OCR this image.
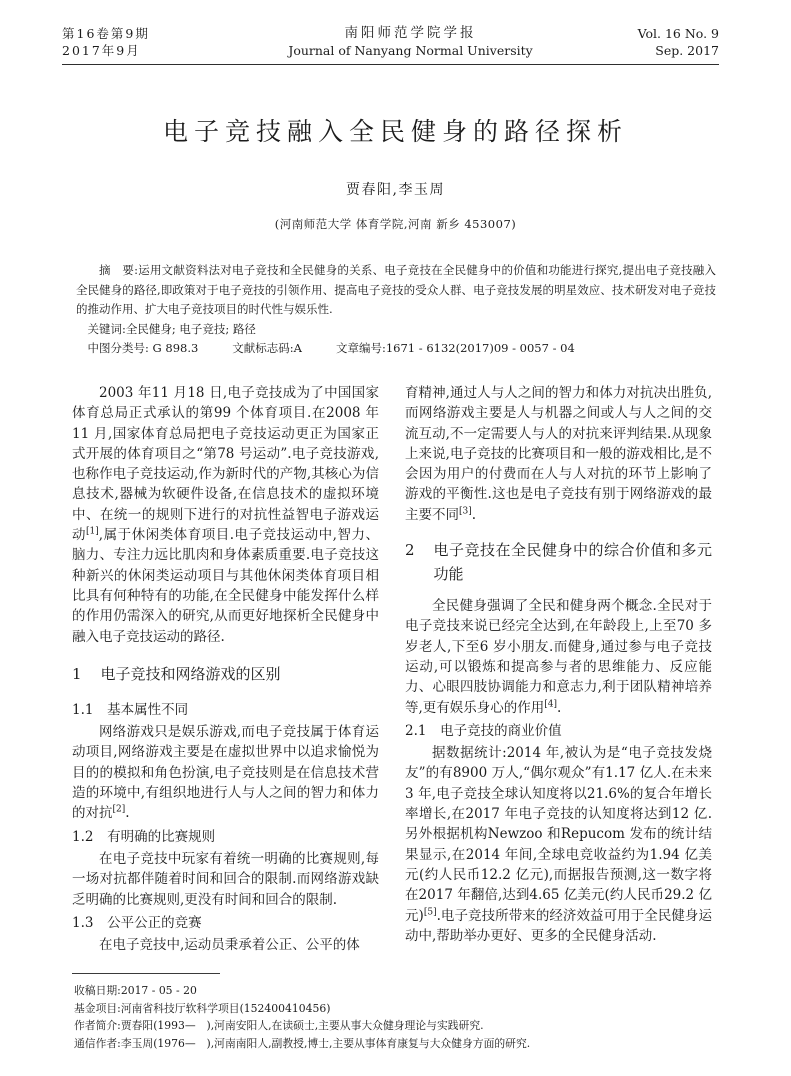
第16卷第9期
2017年9月
南阳师范学院学报
Journal of Nanyang Normal University
Vol. 16 No. 9
Sep. 2017
电子竞技融入全民健身的路径探析
贾春阳,李玉周
(河南师范大学 体育学院,河南 新乡 453007)

摘　要:运用文献资料法对电子竞技和全民健身的关系、电子竞技在全民健身中的价值和功能进行探究,提出电子竞技融入全民健身的路径,即政策对于电子竞技的引领作用、提高电子竞技的受众人群、电子竞技发展的明星效应、技术研发对电子竞技的推动作用、扩大电子竞技项目的时代性与娱乐性.

关键词:全民健身; 电子竞技; 路径

中图分类号: G 898.3	文献标志码:A	文章编号:1671 - 6132(2017)09 - 0057 - 04

2003 年11 月18 日,电子竞技成为了中国国家体育总局正式承认的第99 个体育项目.在2008 年11 月,国家体育总局把电子竞技运动更正为国家正式开展的体育项目之“第78 号运动”.电子竞技游戏,也称作电子竞技运动,作为新时代的产物,其核心为信息技术,器械为软硬件设备,在信息技术的虚拟环境中、在统一的规则下进行的对抗性益智电子游戏运动[1],属于休闲类体育项目.电子竞技运动中,智力、脑力、专注力远比肌肉和身体素质重要.电子竞技这种新兴的休闲类运动项目与其他休闲类体育项目相比具有何种特有的功能,在全民健身中能发挥什么样的作用仍需深入的研究,从而更好地探析全民健身中融入电子竞技运动的路径.

1	电子竞技和网络游戏的区别
1.1	基本属性不同

网络游戏只是娱乐游戏,而电子竞技属于体育运动项目,网络游戏主要是在虚拟世界中以追求愉悦为目的的模拟和角色扮演,电子竞技则是在信息技术营造的环境中,有组织地进行人与人之间的智力和体力的对抗[2].

1.2	有明确的比赛规则

在电子竞技中玩家有着统一明确的比赛规则,每一场对抗都伴随着时间和回合的限制.而网络游戏缺乏明确的比赛规则,更没有时间和回合的限制.

1.3	公平公正的竞赛

在电子竞技中,运动员秉承着公正、公平的体

育精神,通过人与人之间的智力和体力对抗决出胜负,而网络游戏主要是人与机器之间或人与人之间的交流互动,不一定需要人与人的对抗来评判结果.从现象上来说,电子竞技的比赛项目和一般的游戏相比,是不会因为用户的付费而在人与人对抗的环节上影响了游戏的平衡性.这也是电子竞技有别于网络游戏的最主要不同[3].

2	电子竞技在全民健身中的综合价值和多元功能

全民健身强调了全民和健身两个概念.全民对于电子竞技来说已经完全达到,在年龄段上,上至70 多岁老人,下至6 岁小朋友.而健身,通过参与电子竞技运动,可以锻炼和提高参与者的思维能力、反应能力、心眼四肢协调能力和意志力,利于团队精神培养等,更有娱乐身心的作用[4].

2.1	电子竞技的商业价值

据数据统计:2014 年,被认为是“电子竞技发烧友”的有8900 万人,“偶尔观众”有1.17 亿人.在未来3 年,电子竞技全球认知度将以21.6%的复合年增长率增长,在2017 年电子竞技的认知度将达到12 亿.另外根据机构Newzoo 和Repucom 发布的统计结果显示,在2014 年间,全球电竞收益约为1.94 亿美元(约人民币12.2 亿元),而据报告预测,这一数字将在2017 年翻倍,达到4.65 亿美元(约人民币29.2 亿元)[5].电子竞技所带来的经济效益可用于全民健身运动中,帮助举办更好、更多的全民健身活动.

收稿日期:2017 - 05 - 20

基金项目:河南省科技厅软科学项目(152400410456)

作者简介:贾春阳(1993—　),河南安阳人,在读硕士,主要从事大众健身理论与实践研究.

通信作者:李玉周(1976—　),河南南阳人,副教授,博士,主要从事体育康复与大众健身方面的研究.
